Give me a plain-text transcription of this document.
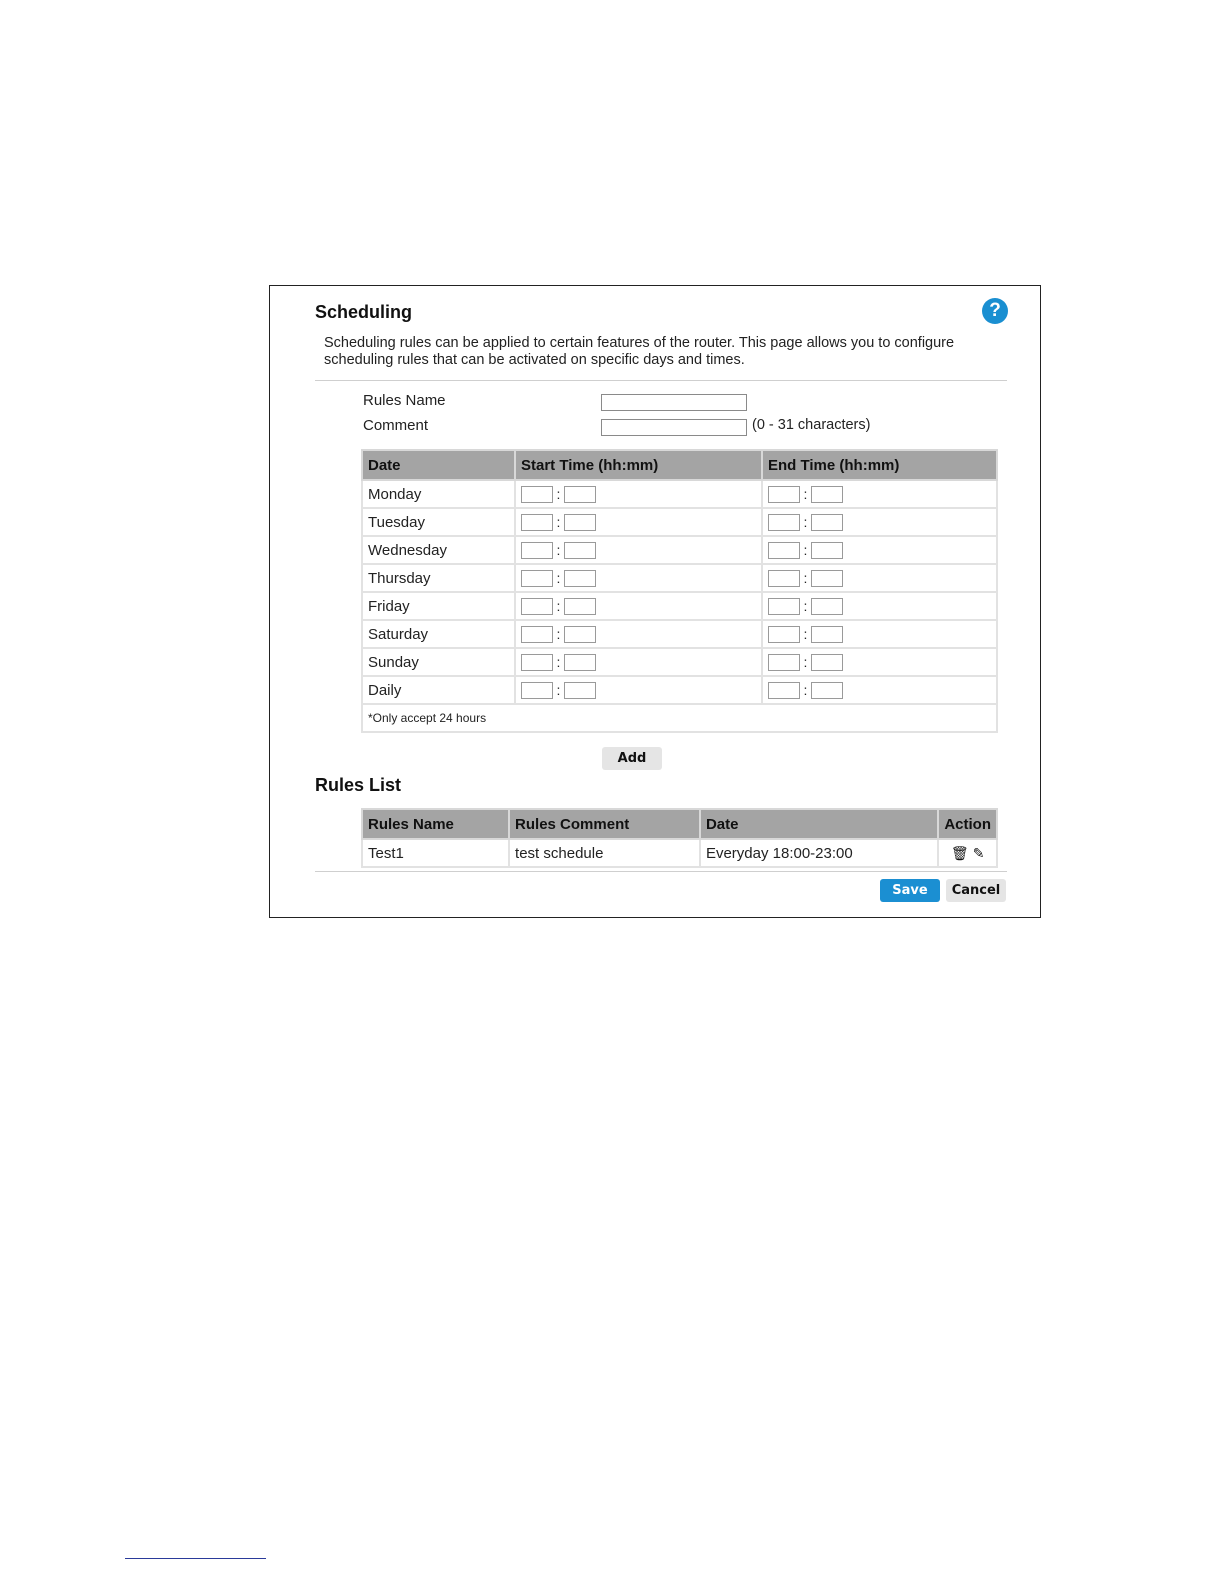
Scheduling	?
Scheduling rules can be applied to certain features of the router. This page allows you to configure scheduling rules that can be activated on specific days and times.
Rules Name
Comment	(0 - 31 characters)
Date	Start Time (hh:mm)	End Time (hh:mm)
Monday	:	:
Tuesday	:	:
Wednesday	:	:
Thursday	:	:
Friday	:	:
Saturday	:	:
Sunday	:	:
Daily	:	:
*Only accept 24 hours		
Add
Rules List
Rules Name	Rules Comment	Date	Action
Test1	test schedule	Everyday 18:00-23:00	🗑 ✎
Save	Cancel
